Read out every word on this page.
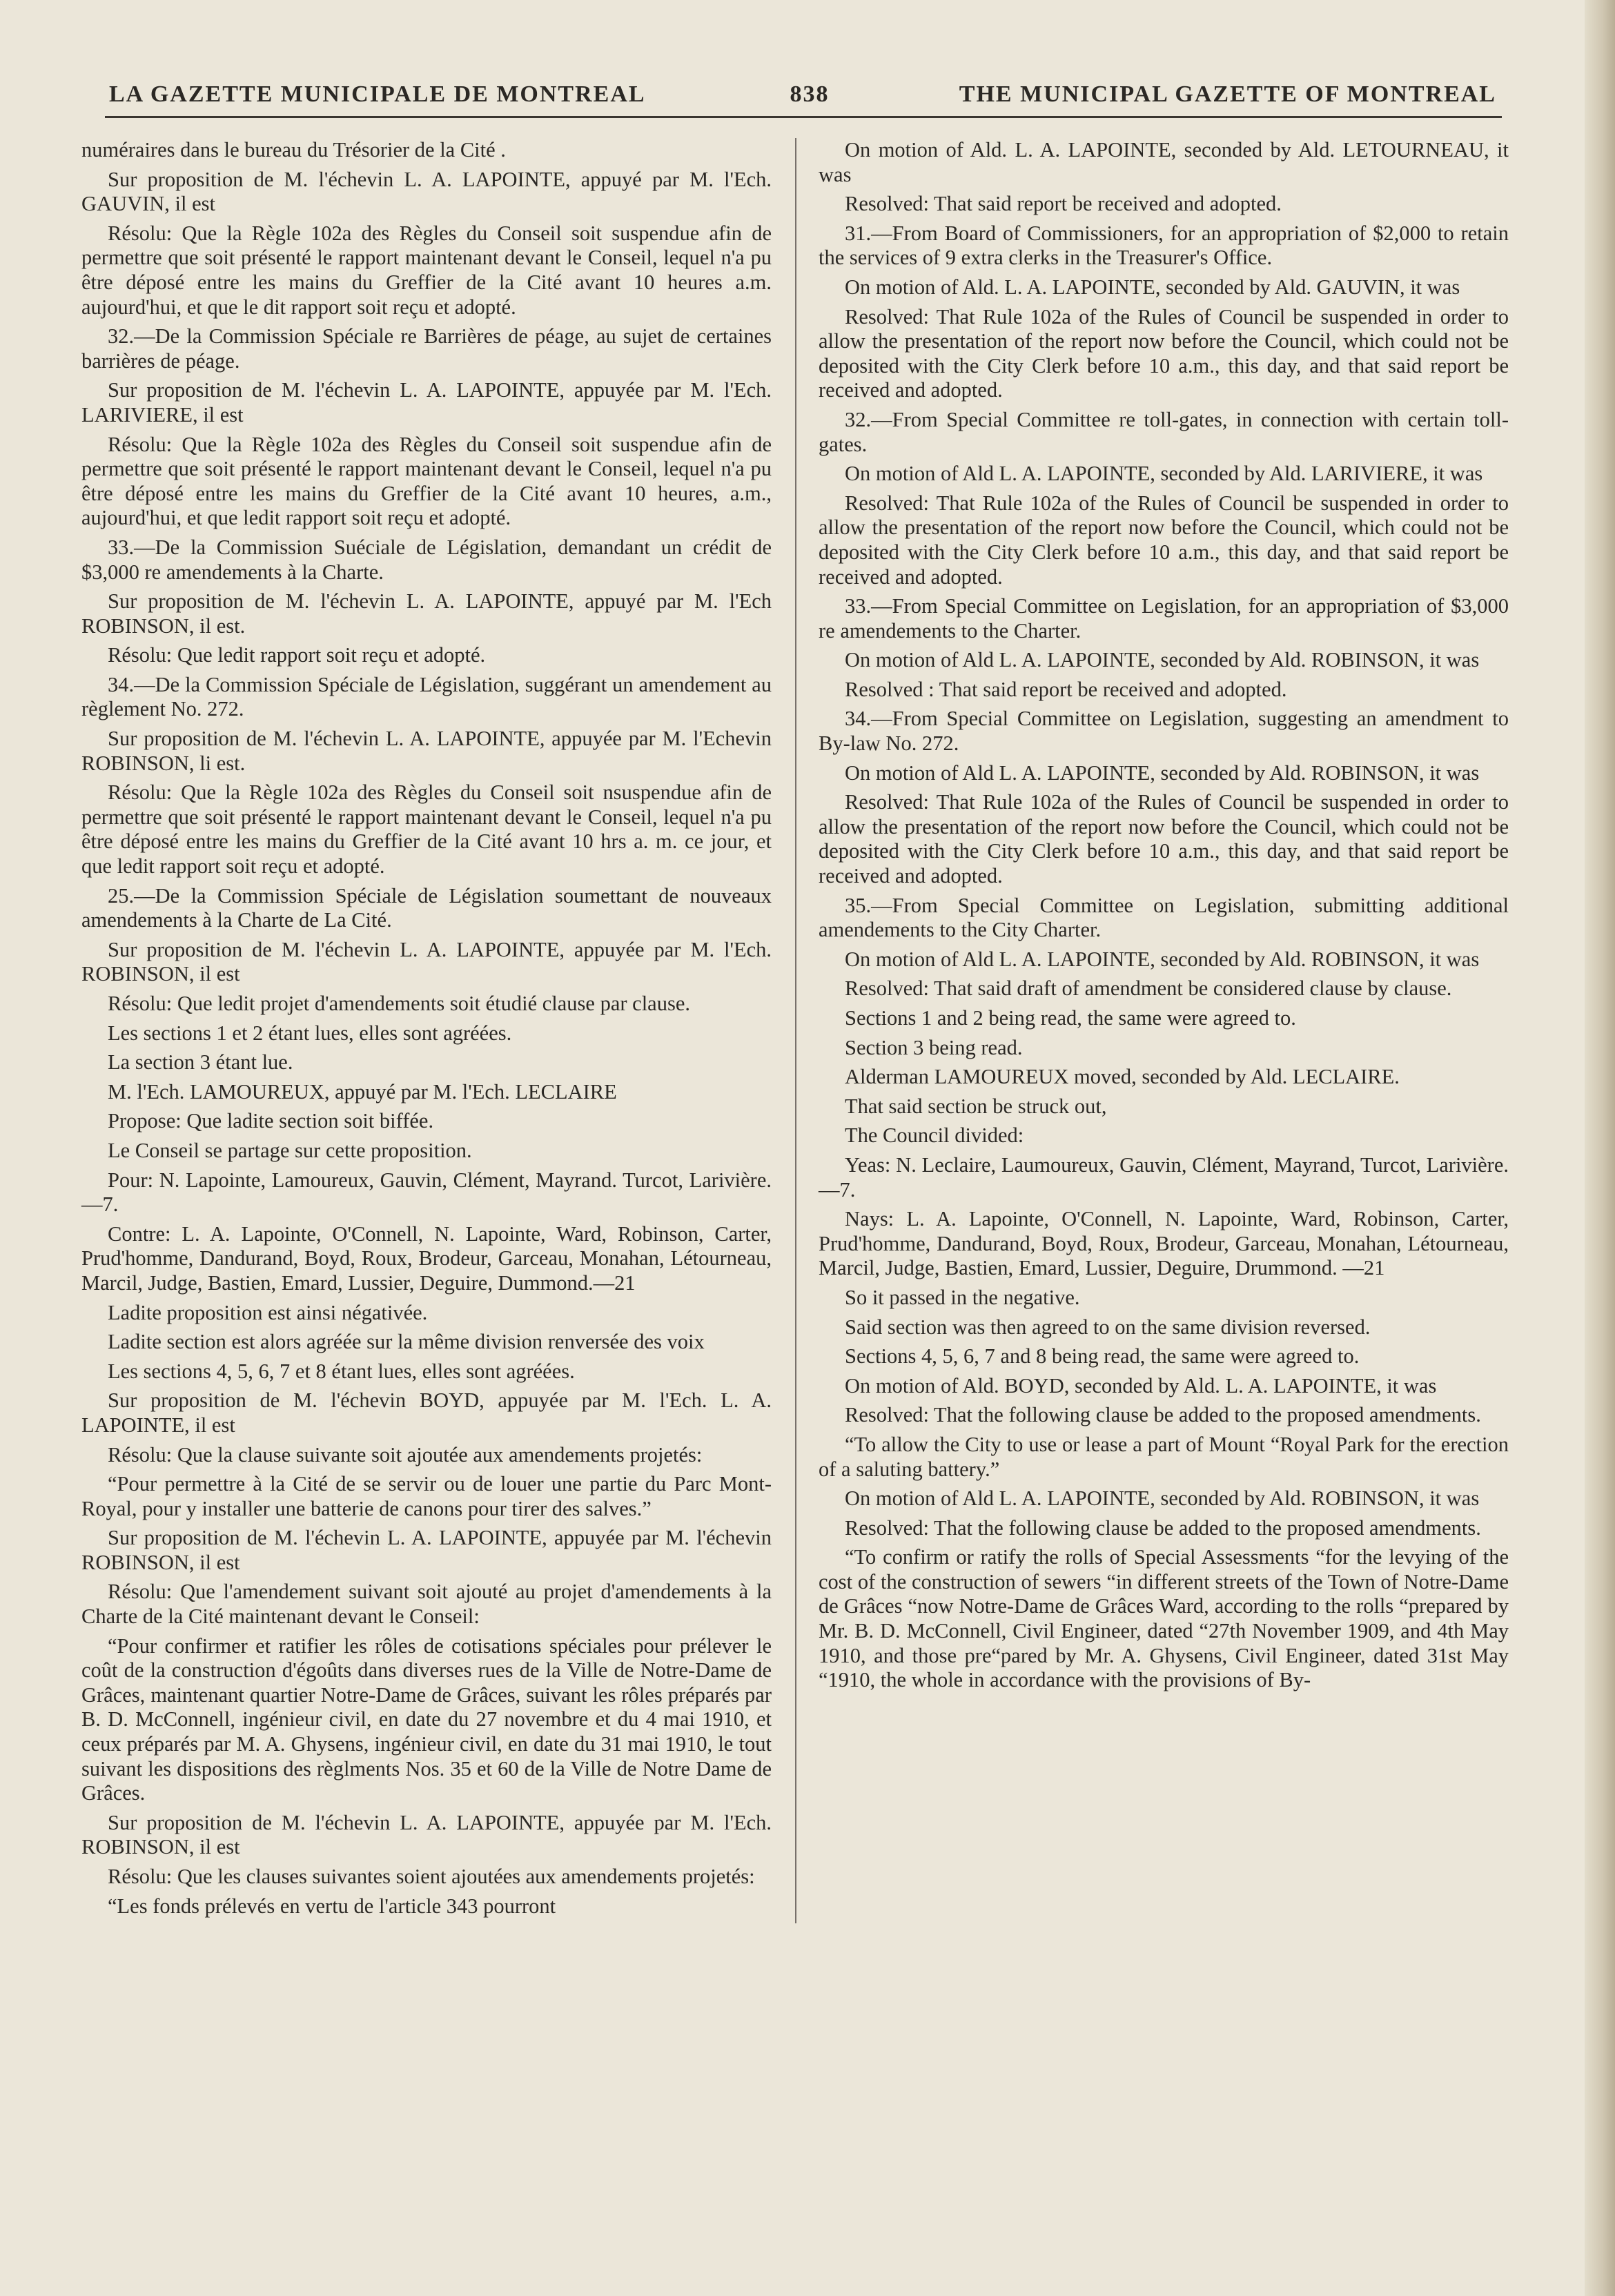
LA GAZETTE MUNICIPALE DE MONTREAL	838	THE MUNICIPAL GAZETTE OF MONTREAL

numéraires dans le bureau du Trésorier de la Cité .

Sur proposition de M. l'échevin L. A. LAPOINTE, appuyé par M. l'Ech. GAUVIN, il est

Résolu: Que la Règle 102a des Règles du Conseil soit suspendue afin de permettre que soit présenté le rapport maintenant devant le Conseil, lequel n'a pu être déposé entre les mains du Greffier de la Cité avant 10 heures a.m. aujourd'hui, et que le dit rapport soit reçu et adopté.

32.—De la Commission Spéciale re Barrières de péage, au sujet de certaines barrières de péage.

Sur proposition de M. l'échevin L. A. LAPOINTE, appuyée par M. l'Ech. LARIVIERE, il est

Résolu: Que la Règle 102a des Règles du Conseil soit suspendue afin de permettre que soit présenté le rapport maintenant devant le Conseil, lequel n'a pu être déposé entre les mains du Greffier de la Cité avant 10 heures, a.m., aujourd'hui, et que ledit rapport soit reçu et adopté.

33.—De la Commission Suéciale de Législation, demandant un crédit de $3,000 re amendements à la Charte.

Sur proposition de M. l'échevin L. A. LAPOINTE, appuyé par M. l'Ech ROBINSON, il est.

Résolu: Que ledit rapport soit reçu et adopté.

34.—De la Commission Spéciale de Législation, suggérant un amendement au règlement No. 272.

Sur proposition de M. l'échevin L. A. LAPOINTE, appuyée par M. l'Echevin ROBINSON, li est.

Résolu: Que la Règle 102a des Règles du Conseil soit nsuspendue afin de permettre que soit présenté le rapport maintenant devant le Conseil, lequel n'a pu être déposé entre les mains du Greffier de la Cité avant 10 hrs a. m. ce jour, et que ledit rapport soit reçu et adopté.

25.—De la Commission Spéciale de Législation soumettant de nouveaux amendements à la Charte de La Cité.

Sur proposition de M. l'échevin L. A. LAPOINTE, appuyée par M. l'Ech. ROBINSON, il est

Résolu: Que ledit projet d'amendements soit étudié clause par clause.

Les sections 1 et 2 étant lues, elles sont agréées.

La section 3 étant lue.

M. l'Ech. LAMOUREUX, appuyé par M. l'Ech. LECLAIRE

Propose: Que ladite section soit biffée.

Le Conseil se partage sur cette proposition.

Pour: N. Lapointe, Lamoureux, Gauvin, Clément, Mayrand. Turcot, Larivière.—7.

Contre: L. A. Lapointe, O'Connell, N. Lapointe, Ward, Robinson, Carter, Prud'homme, Dandurand, Boyd, Roux, Brodeur, Garceau, Monahan, Létourneau, Marcil, Judge, Bastien, Emard, Lussier, Deguire, Dummond.—21

Ladite proposition est ainsi négativée.

Ladite section est alors agréée sur la même division renversée des voix

Les sections 4, 5, 6, 7 et 8 étant lues, elles sont agréées.

Sur proposition de M. l'échevin BOYD, appuyée par M. l'Ech. L. A. LAPOINTE, il est

Résolu: Que la clause suivante soit ajoutée aux amendements projetés:

“Pour permettre à la Cité de se servir ou de louer une partie du Parc Mont-Royal, pour y installer une batterie de canons pour tirer des salves.”

Sur proposition de M. l'échevin L. A. LAPOINTE, appuyée par M. l'échevin ROBINSON, il est

Résolu: Que l'amendement suivant soit ajouté au projet d'amendements à la Charte de la Cité maintenant devant le Conseil:

“Pour confirmer et ratifier les rôles de cotisations spéciales pour prélever le coût de la construction d'égoûts dans diverses rues de la Ville de Notre-Dame de Grâces, maintenant quartier Notre-Dame de Grâces, suivant les rôles préparés par B. D. McConnell, ingénieur civil, en date du 27 novembre et du 4 mai 1910, et ceux préparés par M. A. Ghysens, ingénieur civil, en date du 31 mai 1910, le tout suivant les dispositions des règlments Nos. 35 et 60 de la Ville de Notre Dame de Grâces.

Sur proposition de M. l'échevin L. A. LAPOINTE, appuyée par M. l'Ech. ROBINSON, il est

Résolu: Que les clauses suivantes soient ajoutées aux amendements projetés:

“Les fonds prélevés en vertu de l'article 343 pourront

On motion of Ald. L. A. LAPOINTE, seconded by Ald. LETOURNEAU, it was

Resolved: That said report be received and adopted.

31.—From Board of Commissioners, for an appropriation of $2,000 to retain the services of 9 extra clerks in the Treasurer's Office.

On motion of Ald. L. A. LAPOINTE, seconded by Ald. GAUVIN, it was

Resolved: That Rule 102a of the Rules of Council be suspended in order to allow the presentation of the report now before the Council, which could not be deposited with the City Clerk before 10 a.m., this day, and that said report be received and adopted.

32.—From Special Committee re toll-gates, in connection with certain toll-gates.

On motion of Ald L. A. LAPOINTE, seconded by Ald. LARIVIERE, it was

Resolved: That Rule 102a of the Rules of Council be suspended in order to allow the presentation of the report now before the Council, which could not be deposited with the City Clerk before 10 a.m., this day, and that said report be received and adopted.

33.—From Special Committee on Legislation, for an appropriation of $3,000 re amendements to the Charter.

On motion of Ald L. A. LAPOINTE, seconded by Ald. ROBINSON, it was

Resolved : That said report be received and adopted.

34.—From Special Committee on Legislation, suggesting an amendment to By-law No. 272.

On motion of Ald L. A. LAPOINTE, seconded by Ald. ROBINSON, it was

Resolved: That Rule 102a of the Rules of Council be suspended in order to allow the presentation of the report now before the Council, which could not be deposited with the City Clerk before 10 a.m., this day, and that said report be received and adopted.

35.—From Special Committee on Legislation, submitting additional amendements to the City Charter.

On motion of Ald L. A. LAPOINTE, seconded by Ald. ROBINSON, it was

Resolved: That said draft of amendment be considered clause by clause.

Sections 1 and 2 being read, the same were agreed to.

Section 3 being read.

Alderman LAMOUREUX moved, seconded by Ald. LECLAIRE.

That said section be struck out,

The Council divided:

Yeas: N. Leclaire, Laumoureux, Gauvin, Clément, Mayrand, Turcot, Larivière.—7.

Nays: L. A. Lapointe, O'Connell, N. Lapointe, Ward, Robinson, Carter, Prud'homme, Dandurand, Boyd, Roux, Brodeur, Garceau, Monahan, Létourneau, Marcil, Judge, Bastien, Emard, Lussier, Deguire, Drummond. —21

So it passed in the negative.

Said section was then agreed to on the same division reversed.

Sections 4, 5, 6, 7 and 8 being read, the same were agreed to.

On motion of Ald. BOYD, seconded by Ald. L. A. LAPOINTE, it was

Resolved: That the following clause be added to the proposed amendments.

“To allow the City to use or lease a part of Mount “Royal Park for the erection of a saluting battery.”

On motion of Ald L. A. LAPOINTE, seconded by Ald. ROBINSON, it was

Resolved: That the following clause be added to the proposed amendments.

“To confirm or ratify the rolls of Special Assessments “for the levying of the cost of the construction of sewers “in different streets of the Town of Notre-Dame de Grâces “now Notre-Dame de Grâces Ward, according to the rolls “prepared by Mr. B. D. McConnell, Civil Engineer, dated “27th November 1909, and 4th May 1910, and those pre“pared by Mr. A. Ghysens, Civil Engineer, dated 31st May “1910, the whole in accordance with the provisions of By-
